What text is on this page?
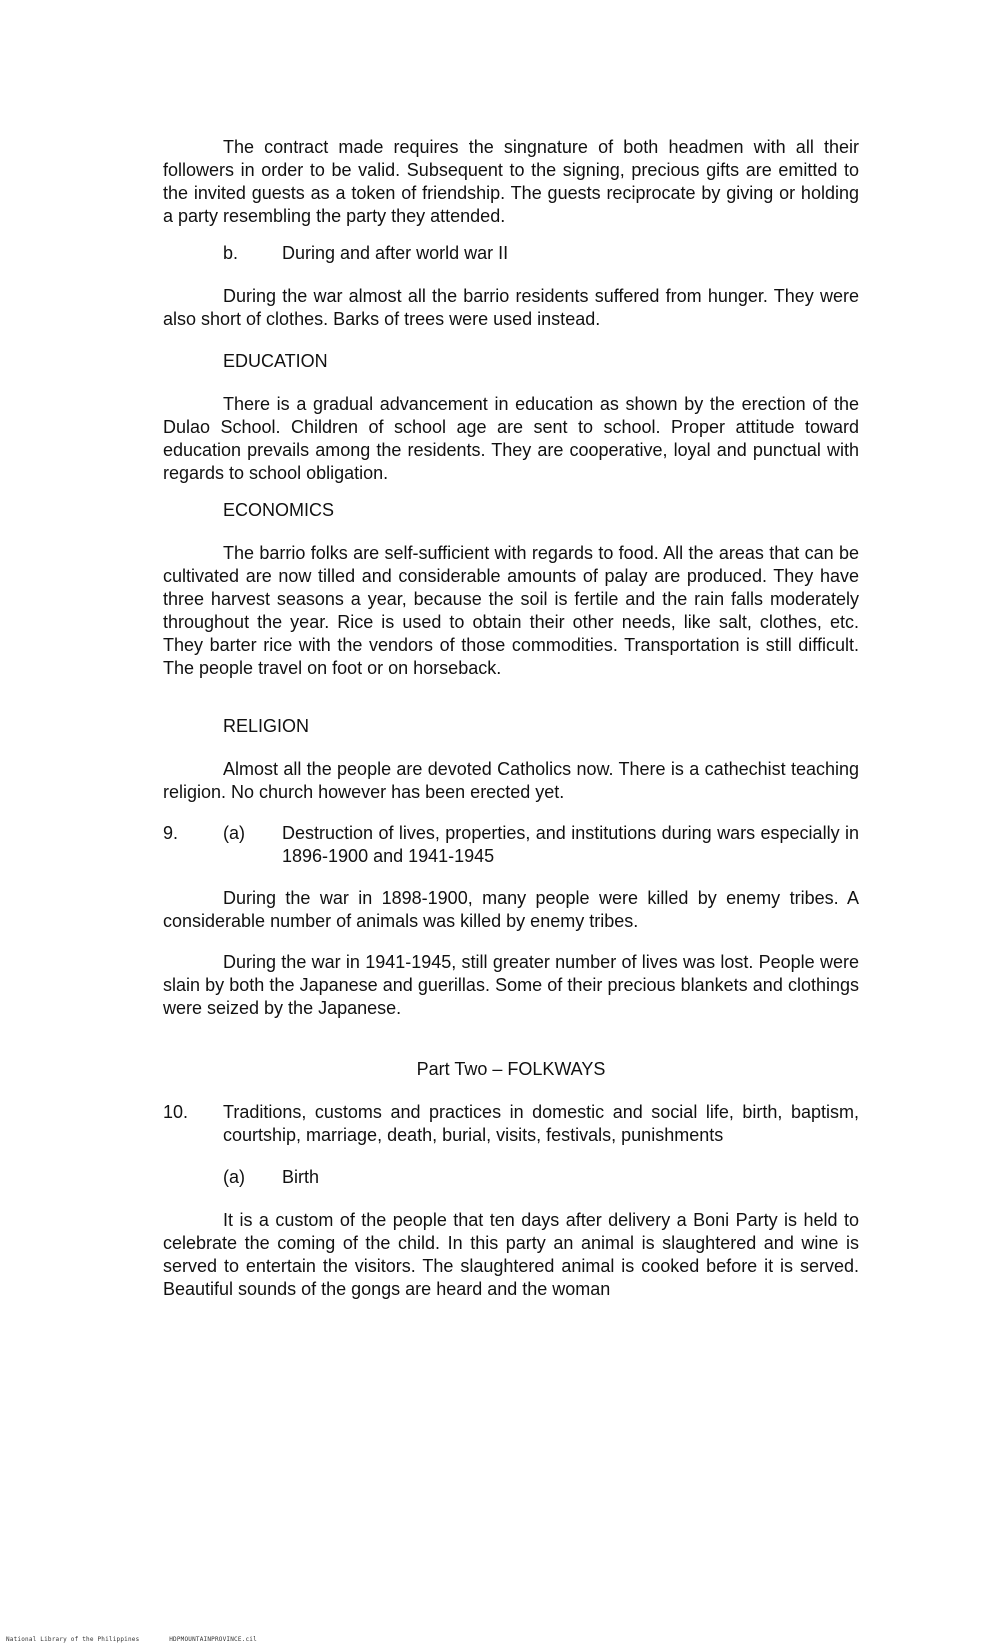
The contract made requires the singnature of both headmen with all their followers in order to be valid. Subsequent to the signing, precious gifts are emitted to the invited guests as a token of friendship. The guests reciprocate by giving or holding a party resembling the party they attended.

b.	During and after world war II

During the war almost all the barrio residents suffered from hunger. They were also short of clothes. Barks of trees were used instead.

EDUCATION

There is a gradual advancement in education as shown by the erection of the Dulao School. Children of school age are sent to school. Proper attitude toward education prevails among the residents. They are cooperative, loyal and punctual with regards to school obligation.

ECONOMICS

The barrio folks are self-sufficient with regards to food. All the areas that can be cultivated are now tilled and considerable amounts of palay are produced. They have three harvest seasons a year, because the soil is fertile and the rain falls moderately throughout the year. Rice is used to obtain their other needs, like salt, clothes, etc. They barter rice with the vendors of those commodities. Transportation is still difficult. The people travel on foot or on horseback.

RELIGION

Almost all the people are devoted Catholics now. There is a cathechist teaching religion. No church however has been erected yet.

9.	(a)	Destruction of lives, properties, and institutions during wars especially in 1896-1900 and 1941-1945

During the war in 1898-1900, many people were killed by enemy tribes. A considerable number of animals was killed by enemy tribes.

During the war in 1941-1945, still greater number of lives was lost. People were slain by both the Japanese and guerillas. Some of their precious blankets and clothings were seized by the Japanese.

Part Two – FOLKWAYS

10.	Traditions, customs and practices in domestic and social life, birth, baptism, courtship, marriage, death, burial, visits, festivals, punishments
(a)	Birth

It is a custom of the people that ten days after delivery a Boni Party is held to celebrate the coming of the child. In this party an animal is slaughtered and wine is served to entertain the visitors. The slaughtered animal is cooked before it is served. Beautiful sounds of the gongs are heard and the woman

National Library of the Philippines	HDPMOUNTAINPROVINCE.cil
